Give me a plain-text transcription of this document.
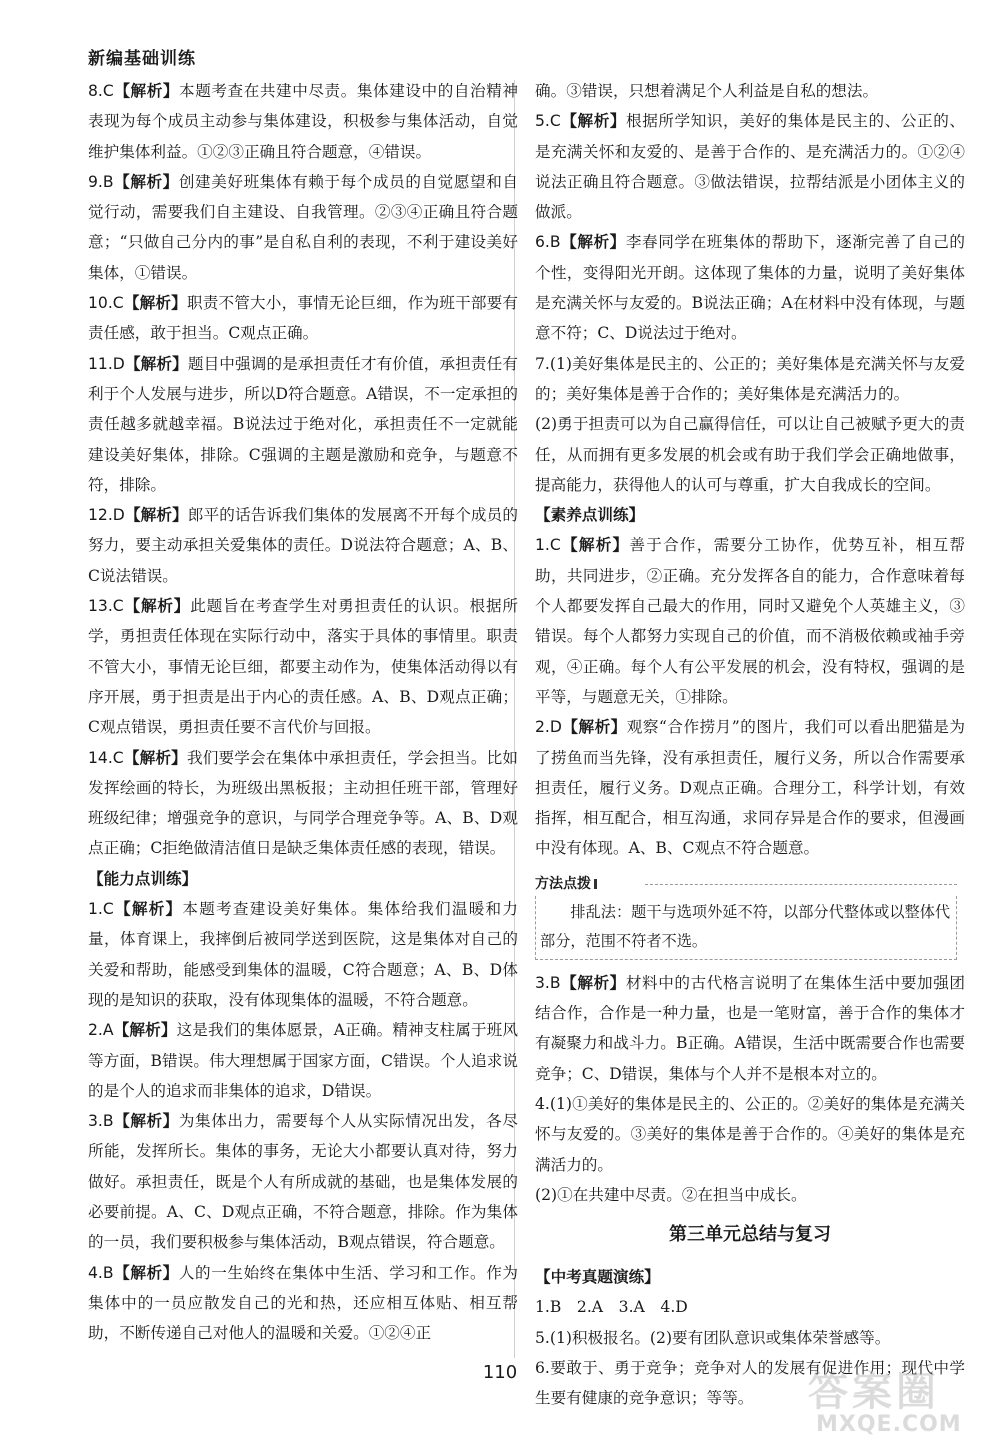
新编基础训练

8.C【解析】本题考查在共建中尽责。集体建设中的自治精神表现为每个成员主动参与集体建设，积极参与集体活动，自觉维护集体利益。①②③正确且符合题意，④错误。

9.B【解析】创建美好班集体有赖于每个成员的自觉愿望和自觉行动，需要我们自主建设、自我管理。②③④正确且符合题意；“只做自己分内的事”是自私自利的表现，不利于建设美好集体，①错误。

10.C【解析】职责不管大小，事情无论巨细，作为班干部要有责任感，敢于担当。C观点正确。

11.D【解析】题目中强调的是承担责任才有价值，承担责任有利于个人发展与进步，所以D符合题意。A错误，不一定承担的责任越多就越幸福。B说法过于绝对化，承担责任不一定就能建设美好集体，排除。C强调的主题是激励和竞争，与题意不符，排除。

12.D【解析】郎平的话告诉我们集体的发展离不开每个成员的努力，要主动承担关爱集体的责任。D说法符合题意；A、B、C说法错误。

13.C【解析】此题旨在考查学生对勇担责任的认识。根据所学，勇担责任体现在实际行动中，落实于具体的事情里。职责不管大小，事情无论巨细，都要主动作为，使集体活动得以有序开展，勇于担责是出于内心的责任感。A、B、D观点正确；C观点错误，勇担责任要不言代价与回报。

14.C【解析】我们要学会在集体中承担责任，学会担当。比如发挥绘画的特长，为班级出黑板报；主动担任班干部，管理好班级纪律；增强竞争的意识，与同学合理竞争等。A、B、D观点正确；C拒绝做清洁值日是缺乏集体责任感的表现，错误。

【能力点训练】

1.C【解析】本题考查建设美好集体。集体给我们温暖和力量，体育课上，我摔倒后被同学送到医院，这是集体对自己的关爱和帮助，能感受到集体的温暖，C符合题意；A、B、D体现的是知识的获取，没有体现集体的温暖，不符合题意。

2.A【解析】这是我们的集体愿景，A正确。精神支柱属于班风等方面，B错误。伟大理想属于国家方面，C错误。个人追求说的是个人的追求而非集体的追求，D错误。

3.B【解析】为集体出力，需要每个人从实际情况出发，各尽所能，发挥所长。集体的事务，无论大小都要认真对待，努力做好。承担责任，既是个人有所成就的基础，也是集体发展的必要前提。A、C、D观点正确，不符合题意，排除。作为集体的一员，我们要积极参与集体活动，B观点错误，符合题意。

4.B【解析】人的一生始终在集体中生活、学习和工作。作为集体中的一员应散发自己的光和热，还应相互体贴、相互帮助，不断传递自己对他人的温暖和关爱。①②④正

确。③错误，只想着满足个人利益是自私的想法。

5.C【解析】根据所学知识，美好的集体是民主的、公正的、是充满关怀和友爱的、是善于合作的、是充满活力的。①②④说法正确且符合题意。③做法错误，拉帮结派是小团体主义的做派。

6.B【解析】李春同学在班集体的帮助下，逐渐完善了自己的个性，变得阳光开朗。这体现了集体的力量，说明了美好集体是充满关怀与友爱的。B说法正确；A在材料中没有体现，与题意不符；C、D说法过于绝对。

7.(1)美好集体是民主的、公正的；美好集体是充满关怀与友爱的；美好集体是善于合作的；美好集体是充满活力的。

(2)勇于担责可以为自己赢得信任，可以让自己被赋予更大的责任，从而拥有更多发展的机会或有助于我们学会正确地做事，提高能力，获得他人的认可与尊重，扩大自我成长的空间。

【素养点训练】

1.C【解析】善于合作，需要分工协作，优势互补，相互帮助，共同进步，②正确。充分发挥各自的能力，合作意味着每个人都要发挥自己最大的作用，同时又避免个人英雄主义，③错误。每个人都努力实现自己的价值，而不消极依赖或袖手旁观，④正确。每个人有公平发展的机会，没有特权，强调的是平等，与题意无关，①排除。

2.D【解析】观察“合作捞月”的图片，我们可以看出肥猫是为了捞鱼而当先锋，没有承担责任，履行义务，所以合作需要承担责任，履行义务。D观点正确。合理分工，科学计划，有效指挥，相互配合，相互沟通，求同存异是合作的要求，但漫画中没有体现。A、B、C观点不符合题意。

方法点拨
　　排乱法：题干与选项外延不符，以部分代整体或以整体代部分，范围不符者不选。

3.B【解析】材料中的古代格言说明了在集体生活中要加强团结合作，合作是一种力量，也是一笔财富，善于合作的集体才有凝聚力和战斗力。B正确。A错误，生活中既需要合作也需要竞争；C、D错误，集体与个人并不是根本对立的。

4.(1)①美好的集体是民主的、公正的。②美好的集体是充满关怀与友爱的。③美好的集体是善于合作的。④美好的集体是充满活力的。

(2)①在共建中尽责。②在担当中成长。

第三单元总结与复习

【中考真题演练】

1.B　2.A　3.A　4.D

5.(1)积极报名。(2)要有团队意识或集体荣誉感等。

6.要敢于、勇于竞争；竞争对人的发展有促进作用；现代中学生要有健康的竞争意识；等等。

110	答案圈
MXQE.COM
